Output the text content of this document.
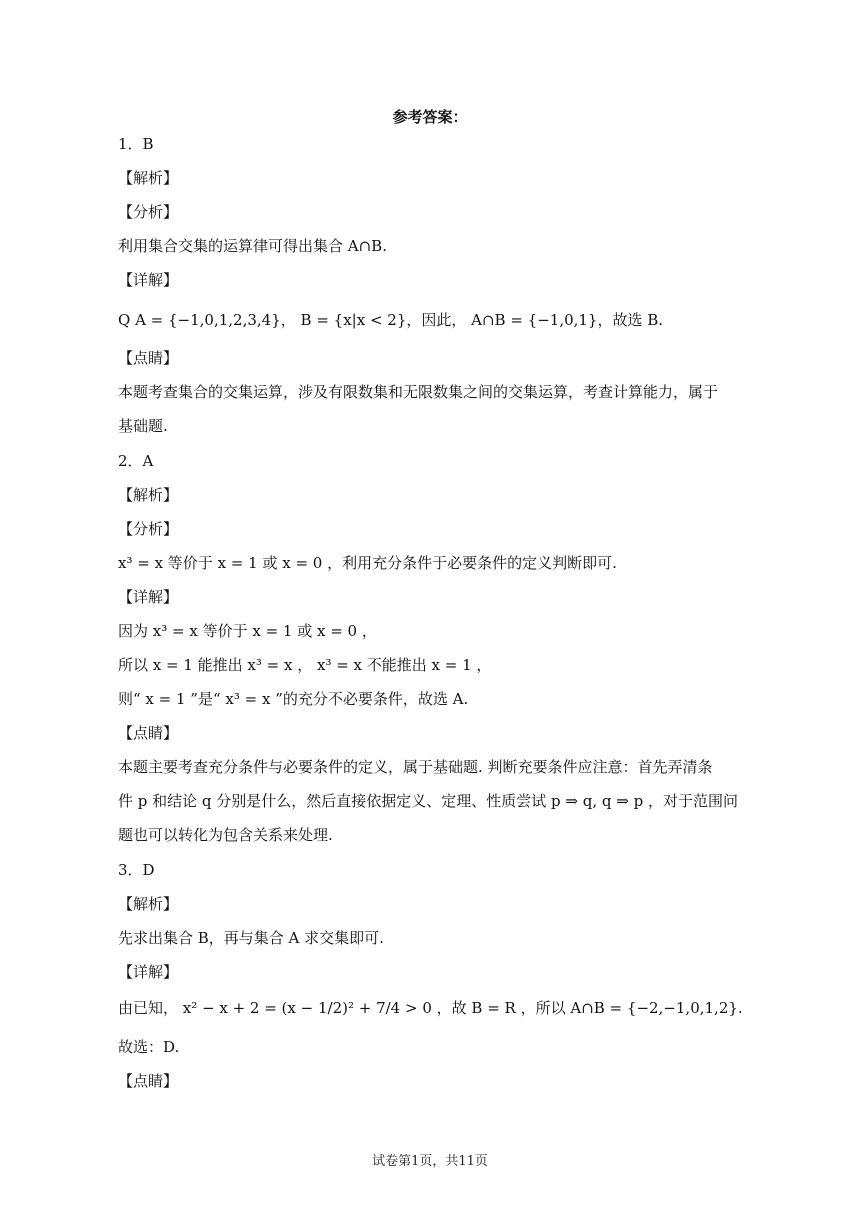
参考答案：
1．B
【解析】
【分析】
利用集合交集的运算律可得出集合 A∩B.
【详解】
Q A = {−1,0,1,2,3,4}， B = {x|x < 2}，因此， A∩B = {−1,0,1}，故选 B.
【点睛】
本题考查集合的交集运算，涉及有限数集和无限数集之间的交集运算，考查计算能力，属于
基础题.
2．A
【解析】
【分析】
x³ = x 等价于 x = 1 或 x = 0 ，利用充分条件于必要条件的定义判断即可.
【详解】
因为 x³ = x 等价于 x = 1 或 x = 0 ，
所以 x = 1 能推出 x³ = x ， x³ = x 不能推出 x = 1 ，
则“ x = 1 ”是“ x³ = x ”的充分不必要条件，故选 A.
【点睛】
本题主要考查充分条件与必要条件的定义，属于基础题. 判断充要条件应注意：首先弄清条
件 p 和结论 q 分别是什么，然后直接依据定义、定理、性质尝试 p ⇒ q, q ⇒ p ，对于范围问
题也可以转化为包含关系来处理.
3．D
【解析】
先求出集合 B，再与集合 A 求交集即可.
【详解】
由已知， x² − x + 2 = (x − 1/2)² + 7/4 > 0 ，故 B = R ，所以 A∩B = {−2,−1,0,1,2}.
故选：D.
【点睛】
试卷第1页，共11页
